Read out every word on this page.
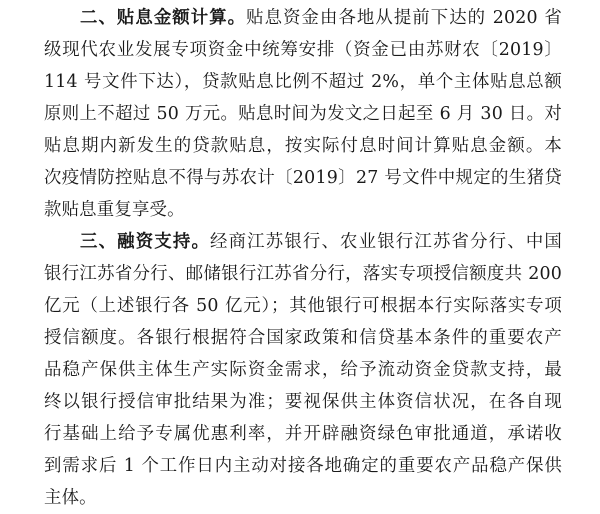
二、贴息金额计算。贴息资金由各地从提前下达的 2020 省
级现代农业发展专项资金中统筹安排（资金已由苏财农〔2019〕
114 号文件下达），贷款贴息比例不超过 2%，单个主体贴息总额
原则上不超过 50 万元。贴息时间为发文之日起至 6 月 30 日。对
贴息期内新发生的贷款贴息，按实际付息时间计算贴息金额。本
次疫情防控贴息不得与苏农计〔2019〕27 号文件中规定的生猪贷
款贴息重复享受。
三、融资支持。经商江苏银行、农业银行江苏省分行、中国
银行江苏省分行、邮储银行江苏省分行，落实专项授信额度共 200
亿元（上述银行各 50 亿元）；其他银行可根据本行实际落实专项
授信额度。各银行根据符合国家政策和信贷基本条件的重要农产
品稳产保供主体生产实际资金需求，给予流动资金贷款支持，最
终以银行授信审批结果为准；要视保供主体资信状况，在各自现
行基础上给予专属优惠利率，并开辟融资绿色审批通道，承诺收
到需求后 1 个工作日内主动对接各地确定的重要农产品稳产保供
主体。
